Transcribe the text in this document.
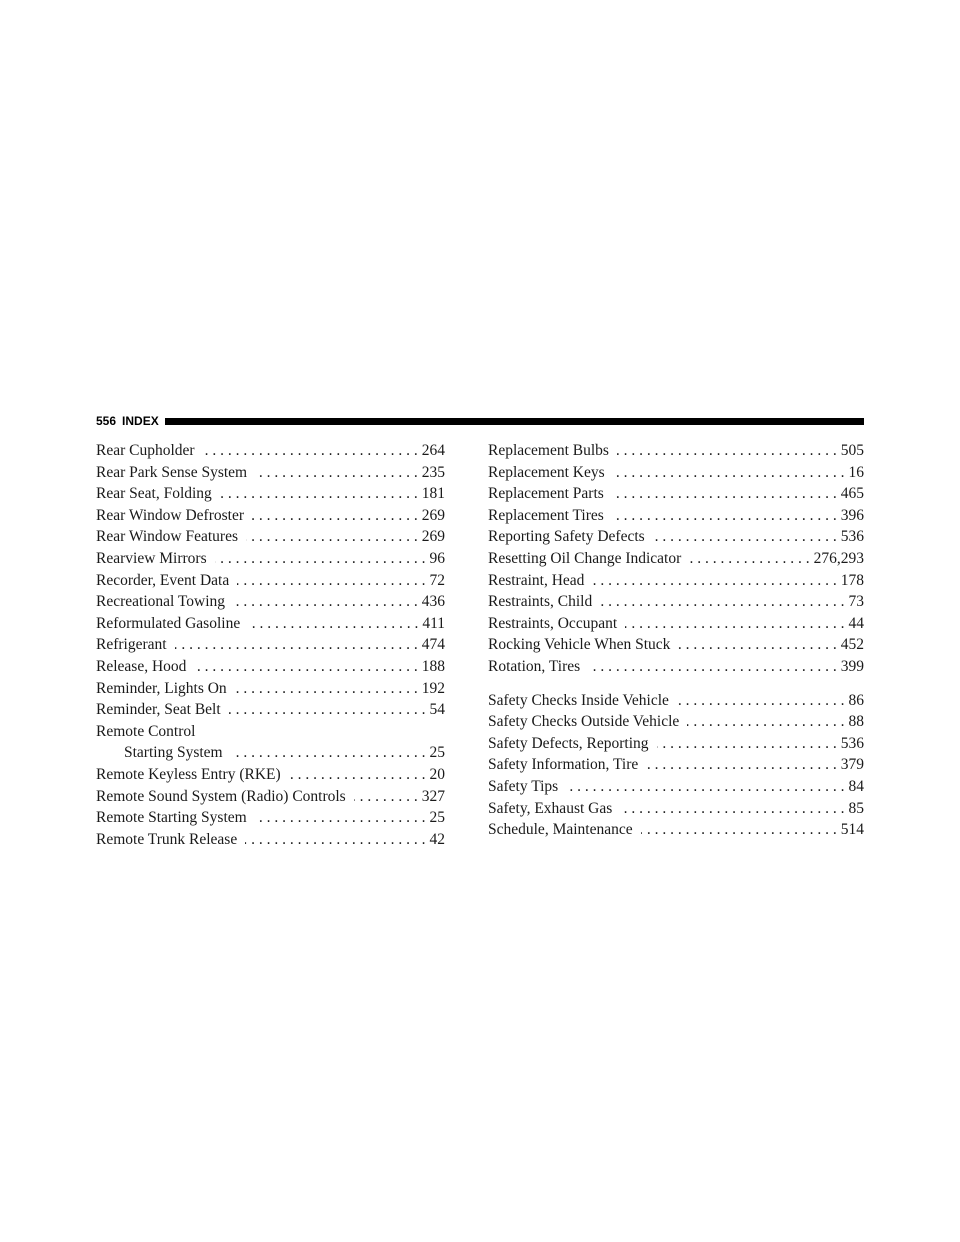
556 INDEX
Rear Cupholder . . .	264
Rear Park Sense System . . .	235
Rear Seat, Folding . . .	181
Rear Window Defroster . . .	269
Rear Window Features . . .	269
Rearview Mirrors . . .	96
Recorder, Event Data . . .	72
Recreational Towing . . .	436
Reformulated Gasoline . . .	411
Refrigerant . . .	474
Release, Hood . . .	188
Reminder, Lights On . . .	192
Reminder, Seat Belt . . .	54
Remote Control
Starting System . . .	25
Remote Keyless Entry (RKE) . . .	20
Remote Sound System (Radio) Controls . . .	327
Remote Starting System . . .	25
Remote Trunk Release . . .	42
Replacement Bulbs . . .	505
Replacement Keys . . .	16
Replacement Parts . . .	465
Replacement Tires . . .	396
Reporting Safety Defects . . .	536
Resetting Oil Change Indicator . . .	276,293
Restraint, Head . . .	178
Restraints, Child . . .	73
Restraints, Occupant . . .	44
Rocking Vehicle When Stuck . . .	452
Rotation, Tires . . .	399
Safety Checks Inside Vehicle . . .	86
Safety Checks Outside Vehicle . . .	88
Safety Defects, Reporting . . .	536
Safety Information, Tire . . .	379
Safety Tips . . .	84
Safety, Exhaust Gas . . .	85
Schedule, Maintenance . . .	514
